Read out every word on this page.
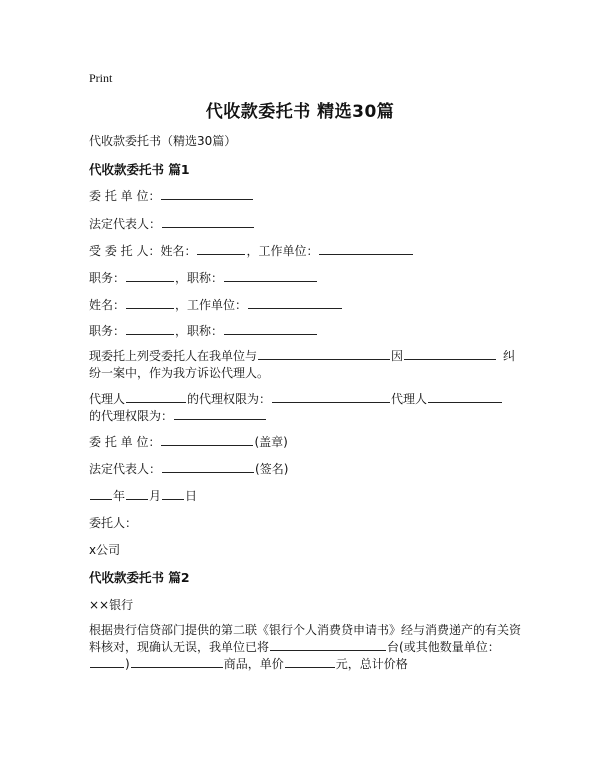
Print
代收款委托书 精选30篇
代收款委托书（精选30篇）
代收款委托书 篇1
委 托 单 位：
法定代表人：
受 委 托 人：姓名：	，工作单位：
职务：	，职称：
姓名：	，工作单位：
职务：	，职称：
现委托上列受委托人在我单位与	因	纠
纷一案中，作为我方诉讼代理人。
代理人	的代理权限为：	代理人
的代理权限为：
委 托 单 位：	(盖章)
法定代表人：	(签名)
年 月 日
委托人：
x公司
代收款委托书 篇2
××银行
根据贵行信贷部门提供的第二联《银行个人消费贷申请书》经与消费递产的有关资
料核对，现确认无误，我单位已将	台(或其他数量单位：
)	商品，单价	元，总计价格
